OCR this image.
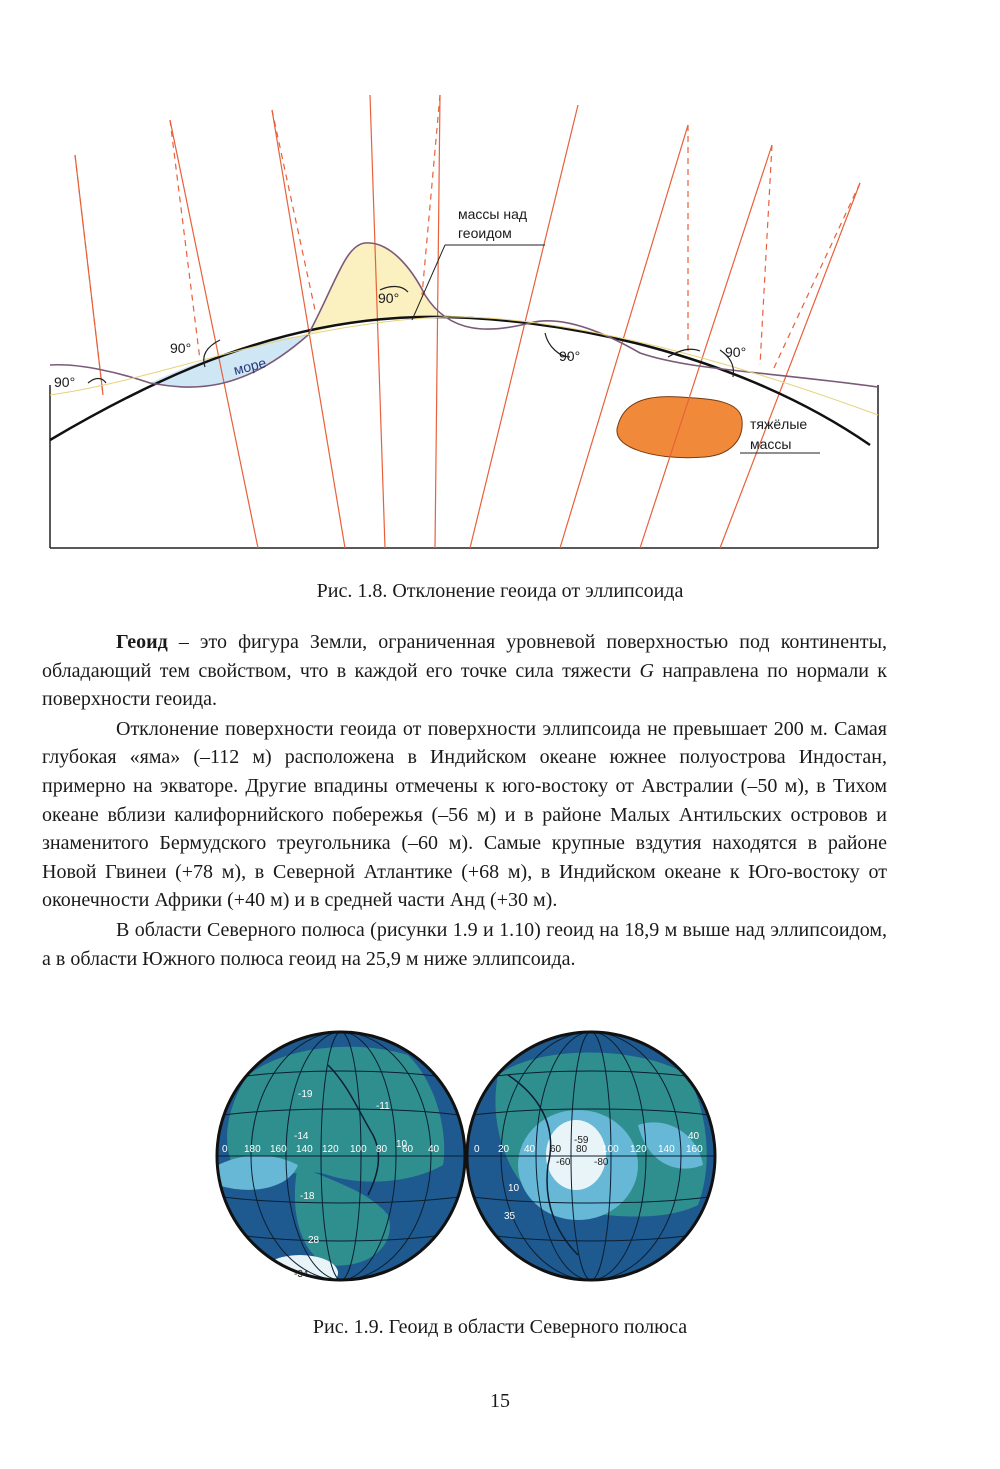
массы над
геоидом
тяжёлые
массы
море
90°
90°
90°
90°	90°
Рис. 1.8. Отклонение геоида от эллипсоида

Геоид – это фигура Земли, ограниченная уровневой поверхностью под континенты, обладающий тем свойством, что в каждой его точке сила тяжести G направлена по нормали к поверхности геоида.

Отклонение поверхности геоида от поверхности эллипсоида не превышает 200 м. Самая глубокая «яма» (–112 м) расположена в Индийском океане южнее полуострова Индостан, примерно на экваторе. Другие впадины отмечены к юго-востоку от Австралии (–50 м), в Тихом океане вблизи калифорнийского побережья (–56 м) и в районе Малых Антильских островов и знаменитого Бермудского треугольника (–60 м). Самые крупные вздутия находятся в районе Новой Гвинеи (+78 м), в Северной Атлантике (+68 м), в Индийском океане к Юго-востоку от оконечности Африки (+40 м) и в средней части Анд (+30 м).

В области Северного полюса (рисунки 1.9 и 1.10) геоид на 18,9 м выше над эллипсоидом, а в области Южного полюса геоид на 25,9 м ниже эллипсоида.

0 180 160 140 120 100 80 60 40	0 20 40 60 80 100 120 140 160
-19
-11
-14
10
-18
28
-34
-59
-60 -80
40
35
10
Рис. 1.9. Геоид в области Северного полюса
15
